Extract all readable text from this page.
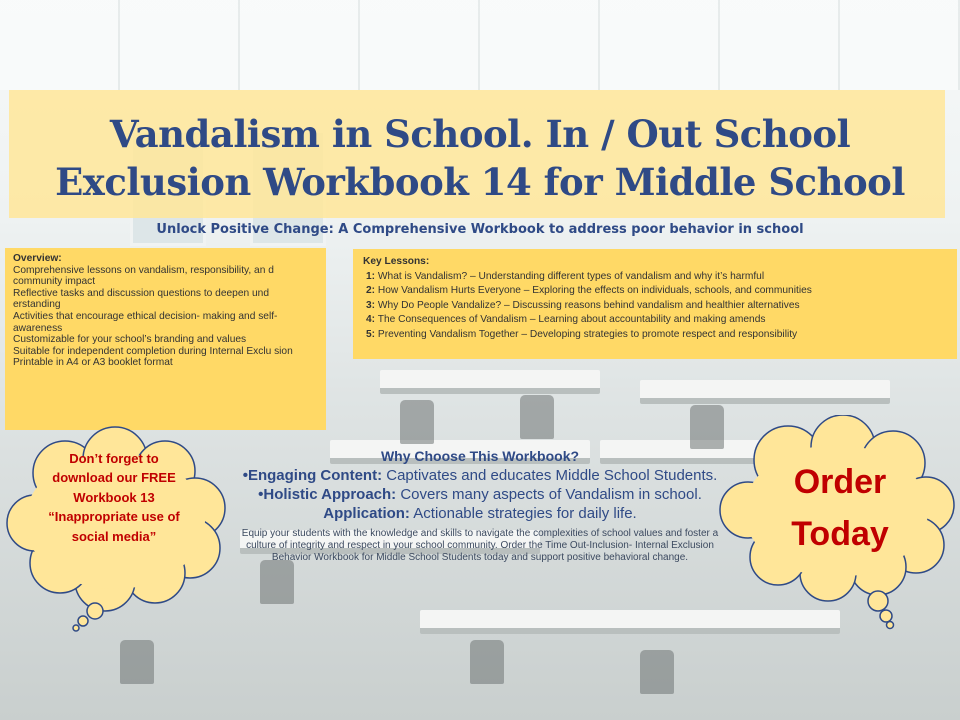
Vandalism in School. In / Out School
Exclusion Workbook 14 for Middle School
Unlock Positive Change: A Comprehensive Workbook to address poor behavior in school
Overview:
Comprehensive lessons on vandalism, responsibility, an d community impact
Reflective tasks and discussion questions to deepen und erstanding
Activities that encourage ethical decision- making and self-awareness
Customizable for your school’s branding and values
Suitable for independent completion during Internal Exclu sion
Printable in A4 or A3 booklet format
Key Lessons:
1: What is Vandalism? – Understanding different types of vandalism and why it’s harmful
2: How Vandalism Hurts Everyone – Exploring the effects on individuals, schools, and communities
3: Why Do People Vandalize? – Discussing reasons behind vandalism and healthier alternatives
4: The Consequences of Vandalism – Learning about accountability and making amends
5: Preventing Vandalism Together – Developing strategies to promote respect and responsibility
Why Choose This Workbook?
•Engaging Content: Captivates and educates Middle School Students.
•Holistic Approach: Covers many aspects of Vandalism in school.
Application: Actionable strategies for daily life.
Equip your students with the knowledge and skills to navigate the complexities of school values and foster a culture of integrity and respect in your school community. Order the Time Out-Inclusion- Internal Exclusion Behavior Workbook for Middle School Students today and support positive behavioral change.
Don’t forget to download our FREE Workbook 13 “Inappropriate use of social media”
Order
Today
